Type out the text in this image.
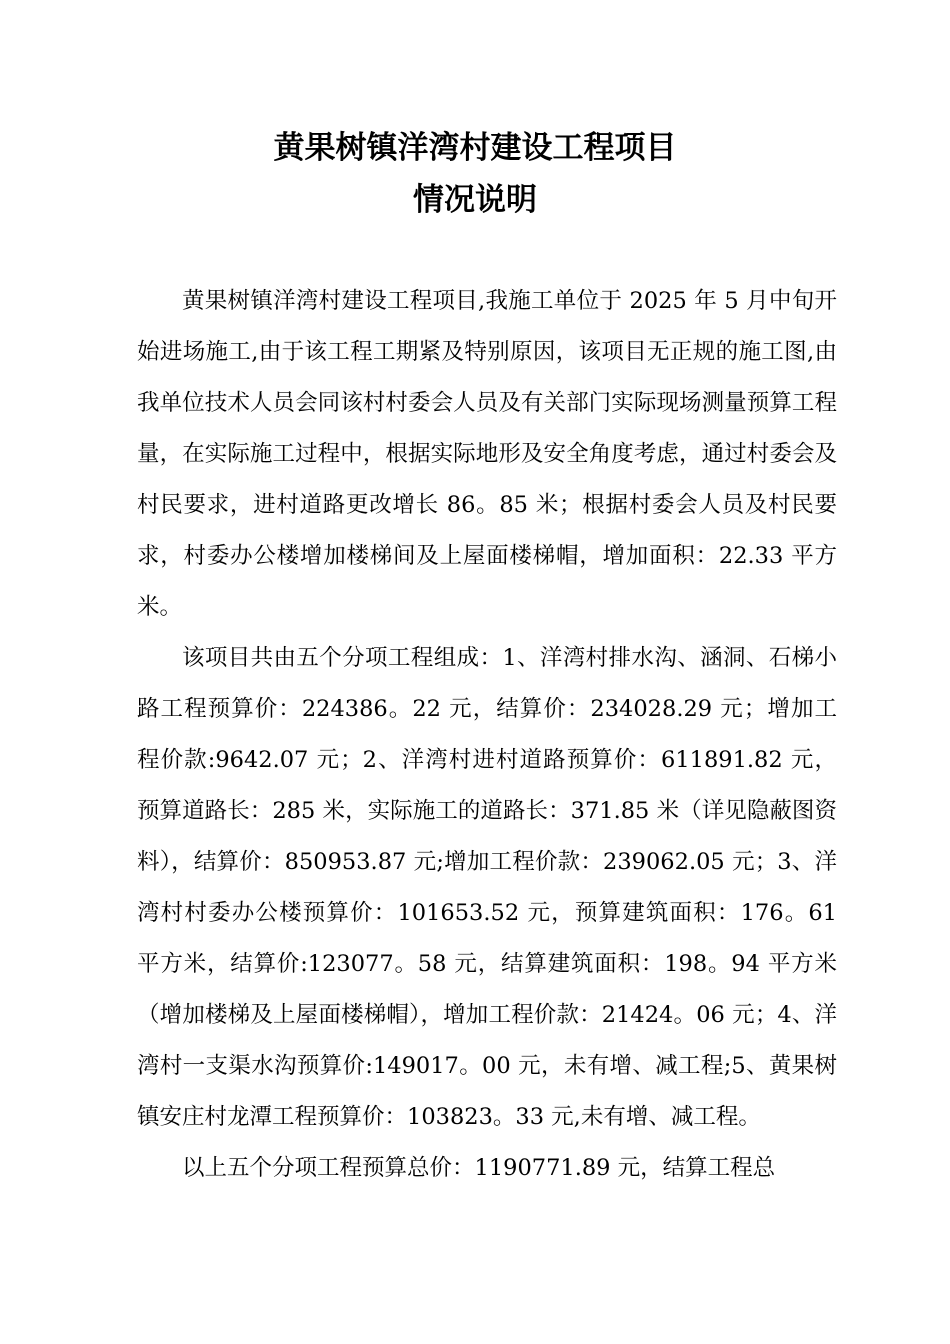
黄果树镇洋湾村建设工程项目
情况说明

黄果树镇洋湾村建设工程项目,我施工单位于 2025 年 5 月中旬开始进场施工,由于该工程工期紧及特别原因，该项目无正规的施工图,由我单位技术人员会同该村村委会人员及有关部门实际现场测量预算工程量，在实际施工过程中，根据实际地形及安全角度考虑，通过村委会及村民要求，进村道路更改增长 86。85 米；根据村委会人员及村民要求，村委办公楼增加楼梯间及上屋面楼梯帽，增加面积：22.33 平方米。

该项目共由五个分项工程组成：1、洋湾村排水沟、涵洞、石梯小路工程预算价：224386。22 元，结算价：234028.29 元；增加工程价款:9642.07 元；2、洋湾村进村道路预算价：611891.82 元，预算道路长：285 米，实际施工的道路长：371.85 米（详见隐蔽图资料），结算价：850953.87 元;增加工程价款：239062.05 元；3、洋湾村村委办公楼预算价：101653.52 元，预算建筑面积：176。61 平方米，结算价:123077。58 元，结算建筑面积：198。94 平方米（增加楼梯及上屋面楼梯帽），增加工程价款：21424。06 元；4、洋湾村一支渠水沟预算价:149017。00 元，未有增、减工程;5、黄果树镇安庄村龙潭工程预算价：103823。33 元,未有增、减工程。

以上五个分项工程预算总价：1190771.89 元，结算工程总
